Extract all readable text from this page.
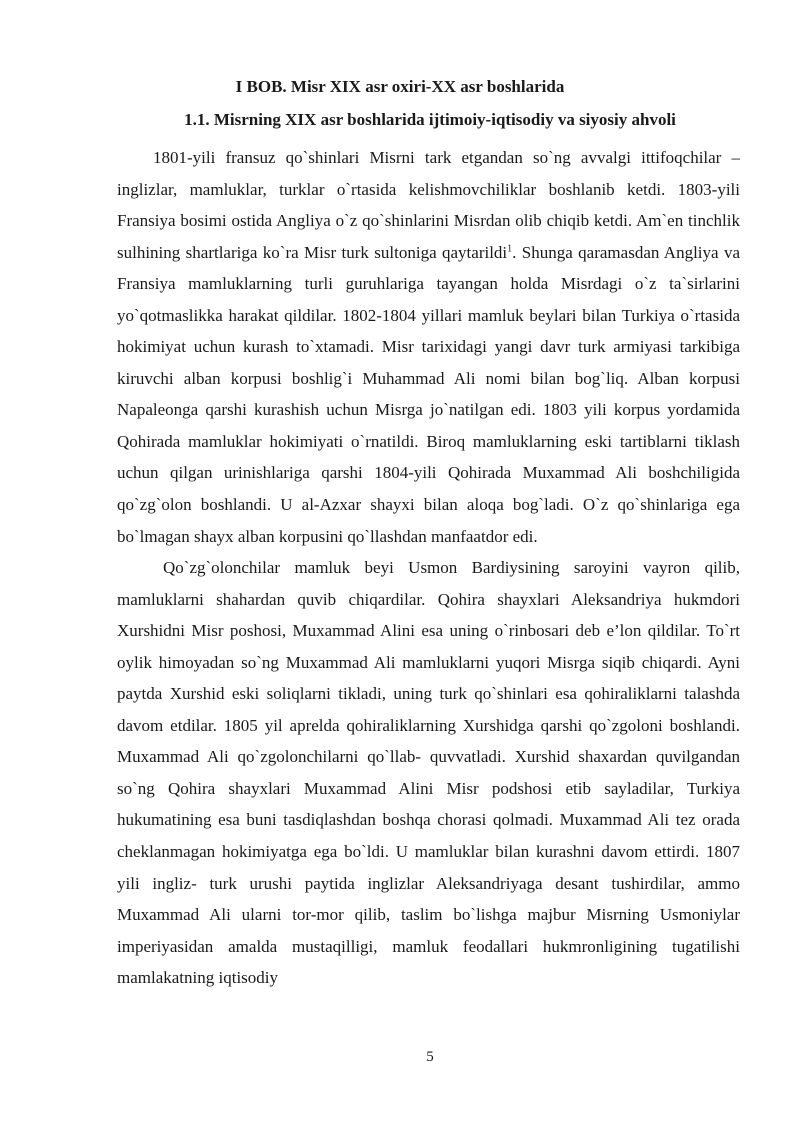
I BOB. Misr XIX asr oxiri-XX asr boshlarida
1.1. Misrning XIX asr boshlarida ijtimoiy-iqtisodiy va siyosiy ahvoli

1801-yili fransuz qo`shinlari Misrni tark etgandan so`ng avvalgi ittifoqchilar – inglizlar, mamluklar, turklar o`rtasida kelishmovchiliklar boshlanib ketdi. 1803-yili Fransiya bosimi ostida Angliya o`z qo`shinlarini Misrdan olib chiqib ketdi. Am`en tinchlik sulhining shartlariga ko`ra Misr turk sultoniga qaytarildi$^1$. Shunga qaramasdan Angliya va Fransiya mamluklarning turli guruhlariga tayangan holda Misrdagi o`z ta`sirlarini yo`qotmaslikka harakat qildilar. 1802-1804 yillari mamluk beylari bilan Turkiya o`rtasida hokimiyat uchun kurash to`xtamadi. Misr tarixidagi yangi davr turk armiyasi tarkibiga kiruvchi alban korpusi boshlig`i Muhammad Ali nomi bilan bog`liq. Alban korpusi Napaleonga qarshi kurashish uchun Misrga jo`natilgan edi. 1803 yili korpus yordamida Qohirada mamluklar hokimiyati o`rnatildi. Biroq mamluklarning eski tartiblarni tiklash uchun qilgan urinishlariga qarshi 1804-yili Qohirada Muxammad Ali boshchiligida qo`zg`olon boshlandi. U al-Azxar shayxi bilan aloqa bog`ladi. O`z qo`shinlariga ega bo`lmagan shayx alban korpusini qo`llashdan manfaatdor edi.

Qo`zg`olonchilar mamluk beyi Usmon Bardiysining saroyini vayron qilib, mamluklarni shahardan quvib chiqardilar. Qohira shayxlari Aleksandriya hukmdori Xurshidni Misr poshosi, Muxammad Alini esa uning o`rinbosari deb e’lon qildilar. To`rt oylik himoyadan so`ng Muxammad Ali mamluklarni yuqori Misrga siqib chiqardi. Ayni paytda Xurshid eski soliqlarni tikladi, uning turk qo`shinlari esa qohiraliklarni talashda davom etdilar. 1805 yil aprelda qohiraliklarning Xurshidga qarshi qo`zgoloni boshlandi. Muxammad Ali qo`zgolonchilarni qo`llab- quvvatladi. Xurshid shaxardan quvilgandan so`ng Qohira shayxlari Muxammad Alini Misr podshosi etib sayladilar, Turkiya hukumatining esa buni tasdiqlashdan boshqa chorasi qolmadi. Muxammad Ali tez orada cheklanmagan hokimiyatga ega bo`ldi. U mamluklar bilan kurashni davom ettirdi. 1807 yili ingliz- turk urushi paytida inglizlar Aleksandriyaga desant tushirdilar, ammo Muxammad Ali ularni tor-mor qilib, taslim bo`lishga majbur Misrning Usmoniylar imperiyasidan amalda mustaqilligi, mamluk feodallari hukmronligining tugatilishi mamlakatning iqtisodiy

5
